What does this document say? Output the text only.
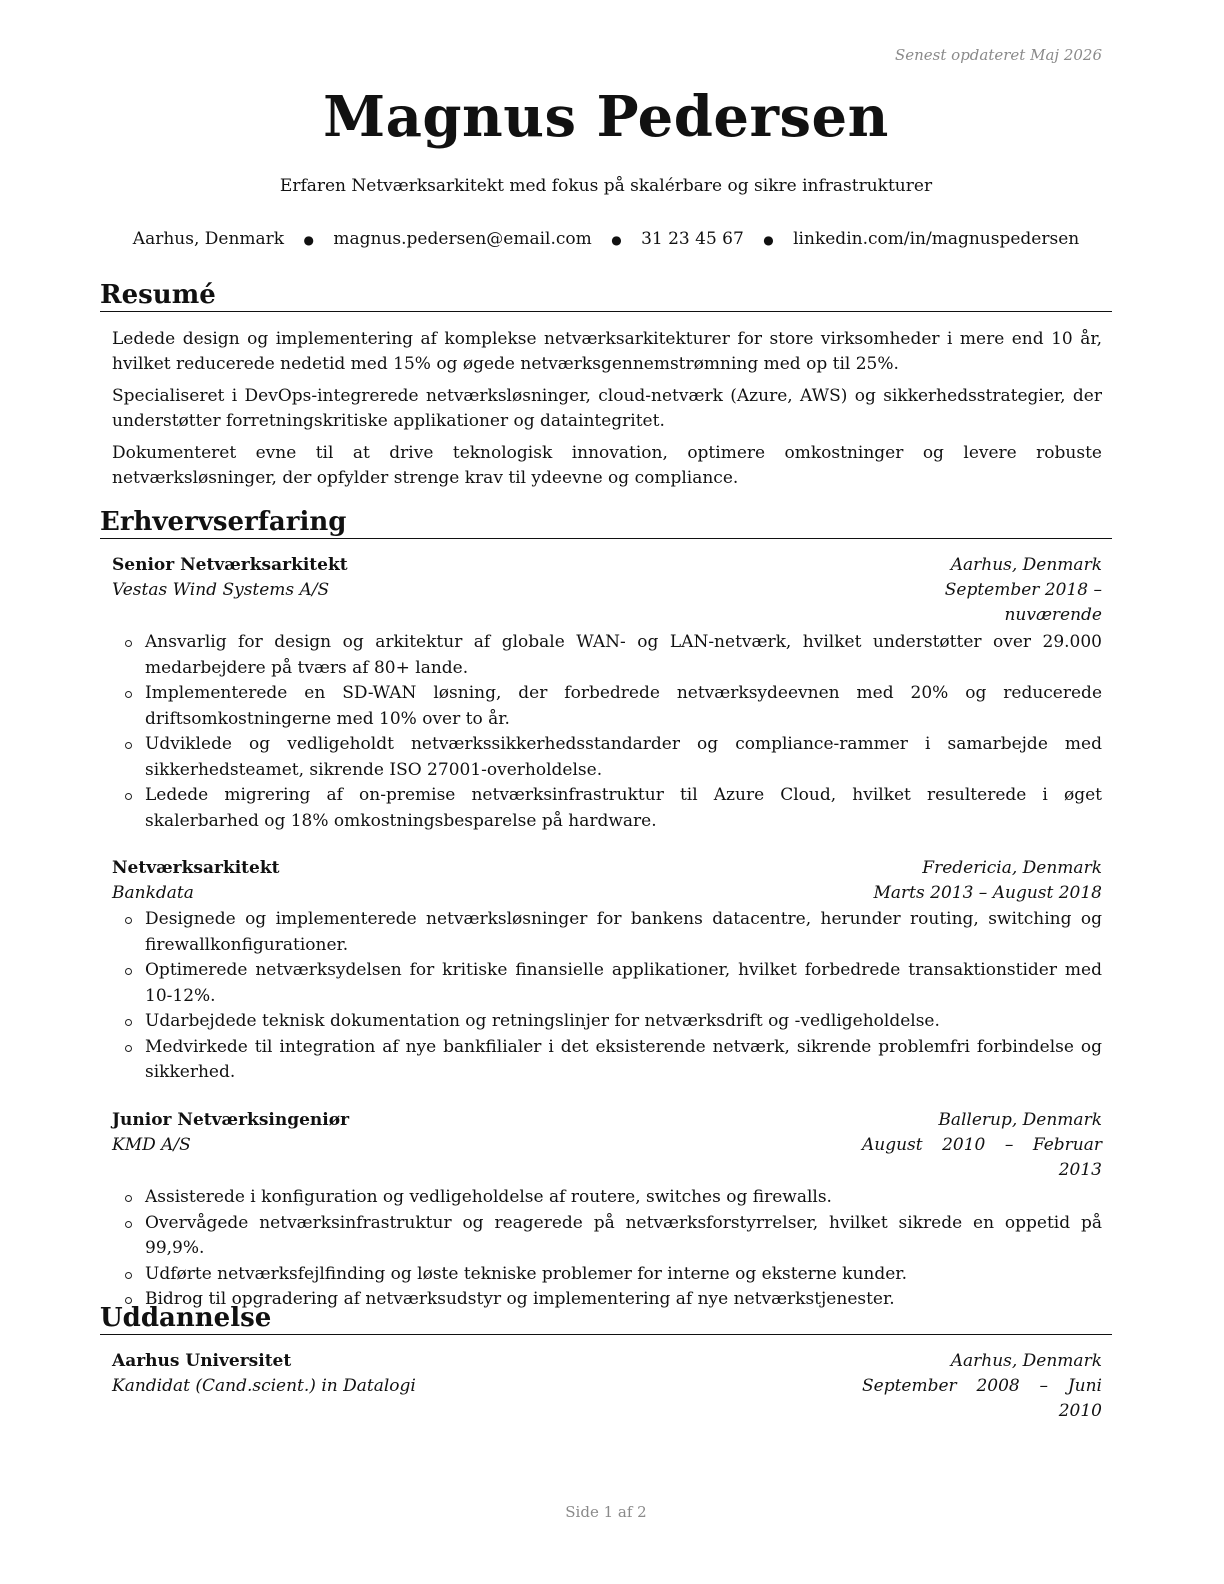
Senest opdateret Maj 2026
Magnus Pedersen
Erfaren Netværksarkitekt med fokus på skalérbare og sikre infrastrukturer
Aarhus, Denmark ● magnus.pedersen@email.com ● 31 23 45 67 ● linkedin.com/in/magnuspedersen
Resumé
Ledede design og implementering af komplekse netværksarkitekturer for store virksomheder i mere end 10 år, hvilket reducerede nedetid med 15% og øgede netværksgennemstrømning med op til 25%.
Specialiseret i DevOps-integrerede netværksløsninger, cloud-netværk (Azure, AWS) og sikkerhedsstrategier, der understøtter forretningskritiske applikationer og dataintegritet.
Dokumenteret evne til at drive teknologisk innovation, optimere omkostninger og levere robuste netværksløsninger, der opfylder strenge krav til ydeevne og compliance.
Erhvervserfaring
Senior Netværksarkitekt	Aarhus, Denmark
Vestas Wind Systems A/S	September 2018 – nuværende
Ansvarlig for design og arkitektur af globale WAN- og LAN-netværk, hvilket understøtter over 29.000 medarbejdere på tværs af 80+ lande.
Implementerede en SD-WAN løsning, der forbedrede netværksydeevnen med 20% og reducerede driftsomkostningerne med 10% over to år.
Udviklede og vedligeholdt netværkssikkerhedsstandarder og compliance-rammer i samarbejde med sikkerhedsteamet, sikrende ISO 27001-overholdelse.
Ledede migrering af on-premise netværksinfrastruktur til Azure Cloud, hvilket resulterede i øget skalerbarhed og 18% omkostningsbesparelse på hardware.
Netværksarkitekt	Fredericia, Denmark
Bankdata	Marts 2013 – August 2018
Designede og implementerede netværksløsninger for bankens datacentre, herunder routing, switching og firewallkonfigurationer.
Optimerede netværksydelsen for kritiske finansielle applikationer, hvilket forbedrede transaktionstider med 10-12%.
Udarbejdede teknisk dokumentation og retningslinjer for netværksdrift og -vedligeholdelse.
Medvirkede til integration af nye bankfilialer i det eksisterende netværk, sikrende problemfri forbindelse og sikkerhed.
Junior Netværksingeniør	Ballerup, Denmark
KMD A/S	August 2010 – Februar 2013
Assisterede i konfiguration og vedligeholdelse af routere, switches og firewalls.
Overvågede netværksinfrastruktur og reagerede på netværksforstyrrelser, hvilket sikrede en oppetid på 99,9%.
Udførte netværksfejlfinding og løste tekniske problemer for interne og eksterne kunder.
Bidrog til opgradering af netværksudstyr og implementering af nye netværkstjenester.
Uddannelse
Aarhus Universitet	Aarhus, Denmark
Kandidat (Cand.scient.) in Datalogi	September 2008 – Juni 2010
Side 1 af 2
